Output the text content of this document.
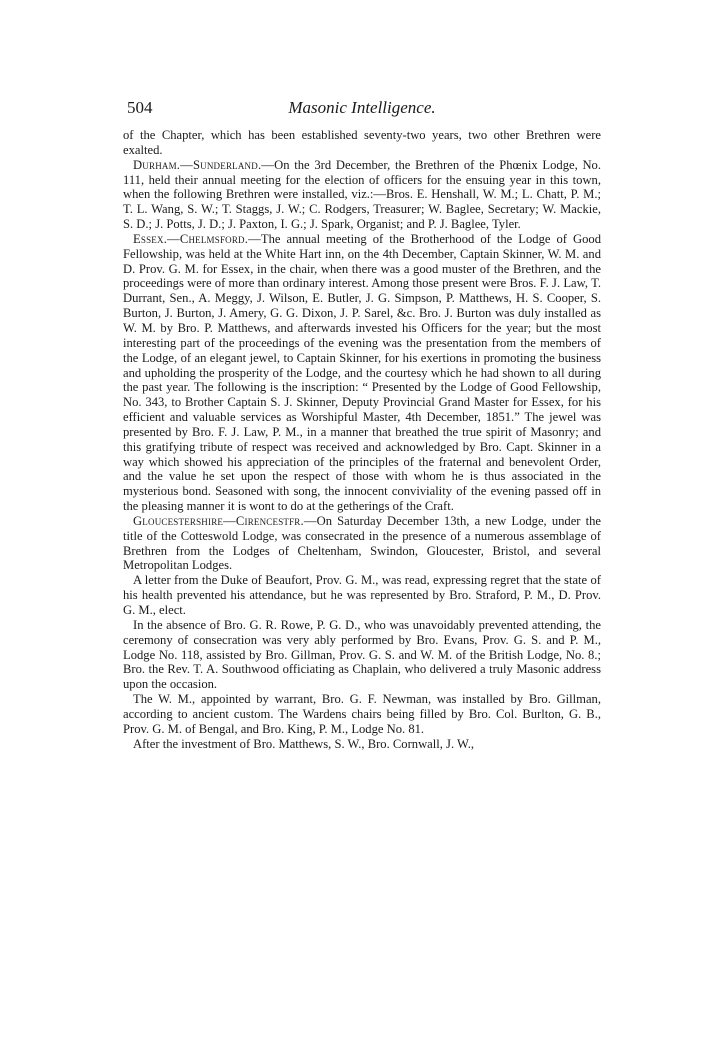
504	Masonic Intelligence.

of the Chapter, which has been established seventy-two years, two other Brethren were exalted.

Durham.—Sunderland.—On the 3rd December, the Brethren of the Phœnix Lodge, No. 111, held their annual meeting for the election of officers for the ensuing year in this town, when the following Brethren were installed, viz.:—Bros. E. Henshall, W. M.; L. Chatt, P. M.; T. L. Wang, S. W.; T. Staggs, J. W.; C. Rodgers, Treasurer; W. Baglee, Secretary; W. Mackie, S. D.; J. Potts, J. D.; J. Paxton, I. G.; J. Spark, Organist; and P. J. Baglee, Tyler.

Essex.—Chelmsford.—The annual meeting of the Brotherhood of the Lodge of Good Fellowship, was held at the White Hart inn, on the 4th December, Captain Skinner, W. M. and D. Prov. G. M. for Essex, in the chair, when there was a good muster of the Brethren, and the proceedings were of more than ordinary interest. Among those present were Bros. F. J. Law, T. Durrant, Sen., A. Meggy, J. Wilson, E. Butler, J. G. Simpson, P. Matthews, H. S. Cooper, S. Burton, J. Burton, J. Amery, G. G. Dixon, J. P. Sarel, &c. Bro. J. Burton was duly installed as W. M. by Bro. P. Matthews, and afterwards invested his Officers for the year; but the most interesting part of the proceedings of the evening was the presentation from the members of the Lodge, of an elegant jewel, to Captain Skinner, for his exertions in promoting the business and upholding the prosperity of the Lodge, and the courtesy which he had shown to all during the past year. The following is the inscription: “ Presented by the Lodge of Good Fellowship, No. 343, to Brother Captain S. J. Skinner, Deputy Provincial Grand Master for Essex, for his efficient and valuable services as Worshipful Master, 4th December, 1851.” The jewel was presented by Bro. F. J. Law, P. M., in a manner that breathed the true spirit of Masonry; and this gratifying tribute of respect was received and acknowledged by Bro. Capt. Skinner in a way which showed his appreciation of the principles of the fraternal and benevolent Order, and the value he set upon the respect of those with whom he is thus associated in the mysterious bond. Seasoned with song, the innocent conviviality of the evening passed off in the pleasing manner it is wont to do at the getherings of the Craft.

Gloucestershire—Cirencestfr.—On Saturday December 13th, a new Lodge, under the title of the Cotteswold Lodge, was consecrated in the presence of a numerous assemblage of Brethren from the Lodges of Cheltenham, Swindon, Gloucester, Bristol, and several Metropolitan Lodges.

A letter from the Duke of Beaufort, Prov. G. M., was read, expressing regret that the state of his health prevented his attendance, but he was represented by Bro. Straford, P. M., D. Prov. G. M., elect.

In the absence of Bro. G. R. Rowe, P. G. D., who was unavoidably prevented attending, the ceremony of consecration was very ably performed by Bro. Evans, Prov. G. S. and P. M., Lodge No. 118, assisted by Bro. Gillman, Prov. G. S. and W. M. of the British Lodge, No. 8.; Bro. the Rev. T. A. Southwood officiating as Chaplain, who delivered a truly Masonic address upon the occasion.

The W. M., appointed by warrant, Bro. G. F. Newman, was installed by Bro. Gillman, according to ancient custom. The Wardens chairs being filled by Bro. Col. Burlton, G. B., Prov. G. M. of Bengal, and Bro. King, P. M., Lodge No. 81.

After the investment of Bro. Matthews, S. W., Bro. Cornwall, J. W.,
